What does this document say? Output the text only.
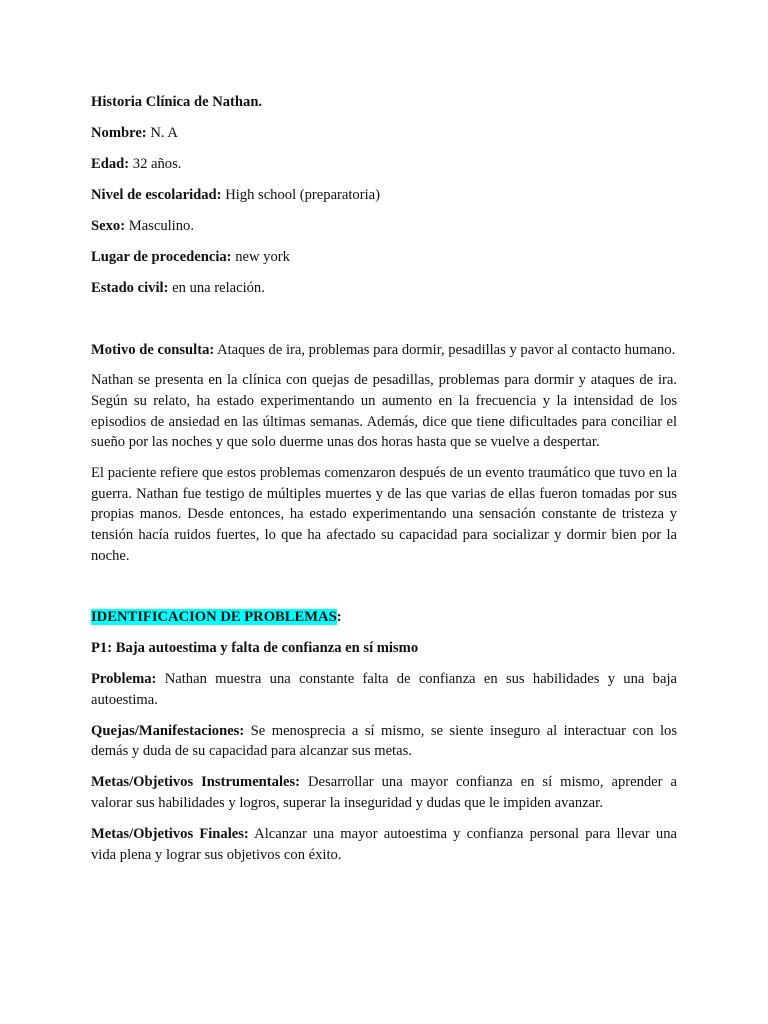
Historia Clínica de Nathan.

Nombre: N. A

Edad: 32 años.

Nivel de escolaridad: High school (preparatoria)

Sexo: Masculino.

Lugar de procedencia: new york

Estado civil: en una relación.

Motivo de consulta: Ataques de ira, problemas para dormir, pesadillas y pavor al contacto humano.

Nathan se presenta en la clínica con quejas de pesadillas, problemas para dormir y ataques de ira. Según su relato, ha estado experimentando un aumento en la frecuencia y la intensidad de los episodios de ansiedad en las últimas semanas. Además, dice que tiene dificultades para conciliar el sueño por las noches y que solo duerme unas dos horas hasta que se vuelve a despertar.

El paciente refiere que estos problemas comenzaron después de un evento traumático que tuvo en la guerra. Nathan fue testigo de múltiples muertes y de las que varias de ellas fueron tomadas por sus propias manos. Desde entonces, ha estado experimentando una sensación constante de tristeza y tensión hacía ruidos fuertes, lo que ha afectado su capacidad para socializar y dormir bien por la noche.

IDENTIFICACION DE PROBLEMAS:

P1: Baja autoestima y falta de confianza en sí mismo

Problema: Nathan muestra una constante falta de confianza en sus habilidades y una baja autoestima.

Quejas/Manifestaciones: Se menosprecia a sí mismo, se siente inseguro al interactuar con los demás y duda de su capacidad para alcanzar sus metas.

Metas/Objetivos Instrumentales: Desarrollar una mayor confianza en sí mismo, aprender a valorar sus habilidades y logros, superar la inseguridad y dudas que le impiden avanzar.

Metas/Objetivos Finales: Alcanzar una mayor autoestima y confianza personal para llevar una vida plena y lograr sus objetivos con éxito.
